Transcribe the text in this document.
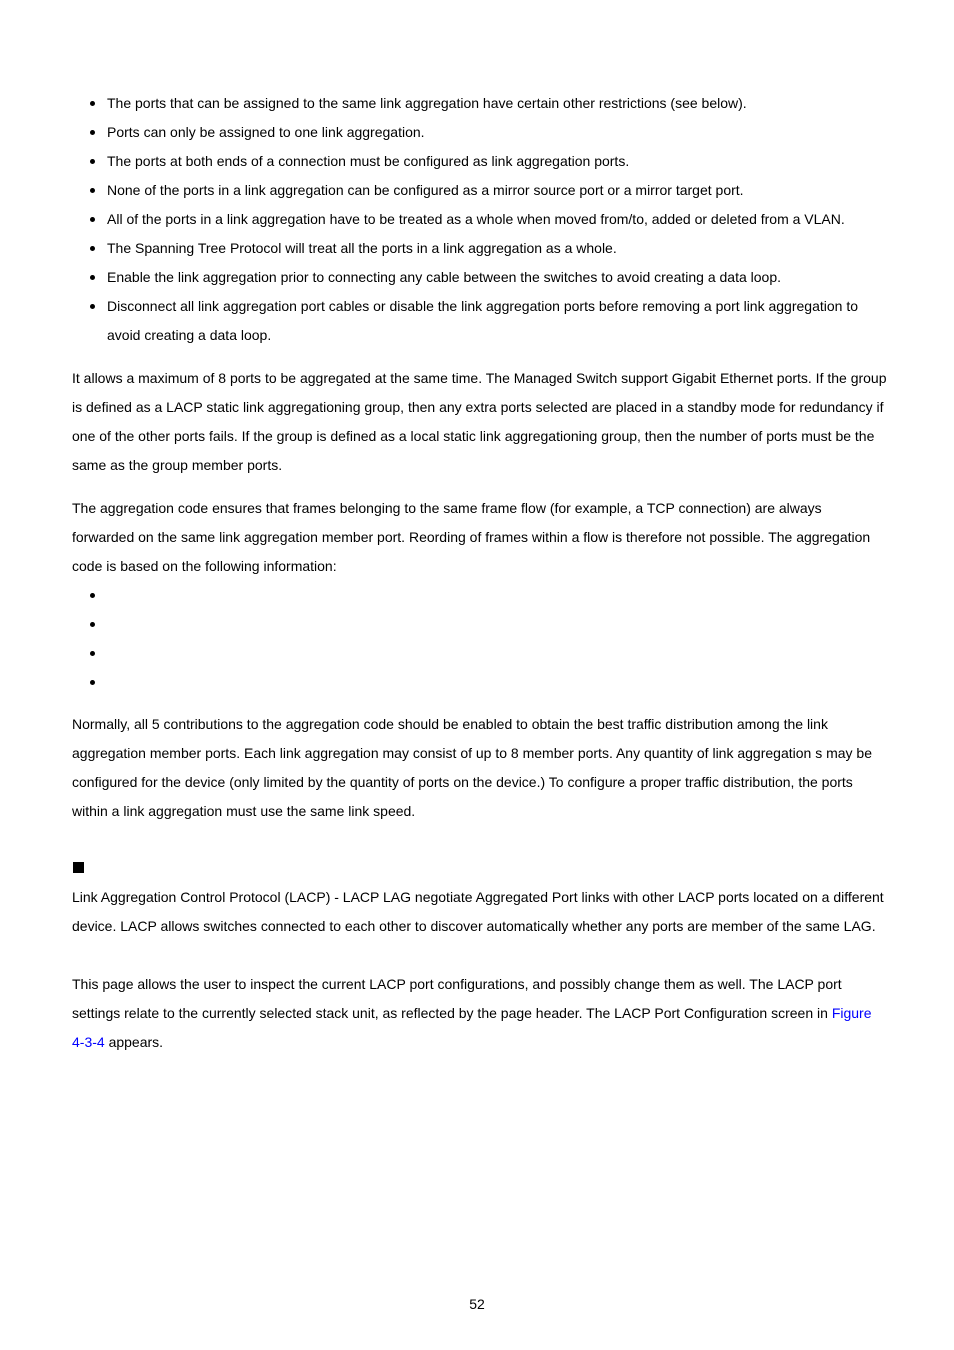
The ports that can be assigned to the same link aggregation have certain other restrictions (see below).
Ports can only be assigned to one link aggregation.
The ports at both ends of a connection must be configured as link aggregation ports.
None of the ports in a link aggregation can be configured as a mirror source port or a mirror target port.
All of the ports in a link aggregation have to be treated as a whole when moved from/to, added or deleted from a VLAN.
The Spanning Tree Protocol will treat all the ports in a link aggregation as a whole.
Enable the link aggregation prior to connecting any cable between the switches to avoid creating a data loop.
Disconnect all link aggregation port cables or disable the link aggregation ports before removing a port link aggregation to avoid creating a data loop.

It allows a maximum of 8 ports to be aggregated at the same time. The Managed Switch support Gigabit Ethernet ports. If the group is defined as a LACP static link aggregationing group, then any extra ports selected are placed in a standby mode for redundancy if one of the other ports fails. If the group is defined as a local static link aggregationing group, then the number of ports must be the same as the group member ports.

The aggregation code ensures that frames belonging to the same frame flow (for example, a TCP connection) are always forwarded on the same link aggregation member port. Reording of frames within a flow is therefore not possible. The aggregation code is based on the following information:

Normally, all 5 contributions to the aggregation code should be enabled to obtain the best traffic distribution among the link aggregation member ports. Each link aggregation may consist of up to 8 member ports. Any quantity of link aggregation s may be configured for the device (only limited by the quantity of ports on the device.) To configure a proper traffic distribution, the ports within a link aggregation must use the same link speed.

Link Aggregation Control Protocol (LACP) - LACP LAG negotiate Aggregated Port links with other LACP ports located on a different device. LACP allows switches connected to each other to discover automatically whether any ports are member of the same LAG.

This page allows the user to inspect the current LACP port configurations, and possibly change them as well. The LACP port settings relate to the currently selected stack unit, as reflected by the page header. The LACP Port Configuration screen in Figure 4-3-4 appears.

52
